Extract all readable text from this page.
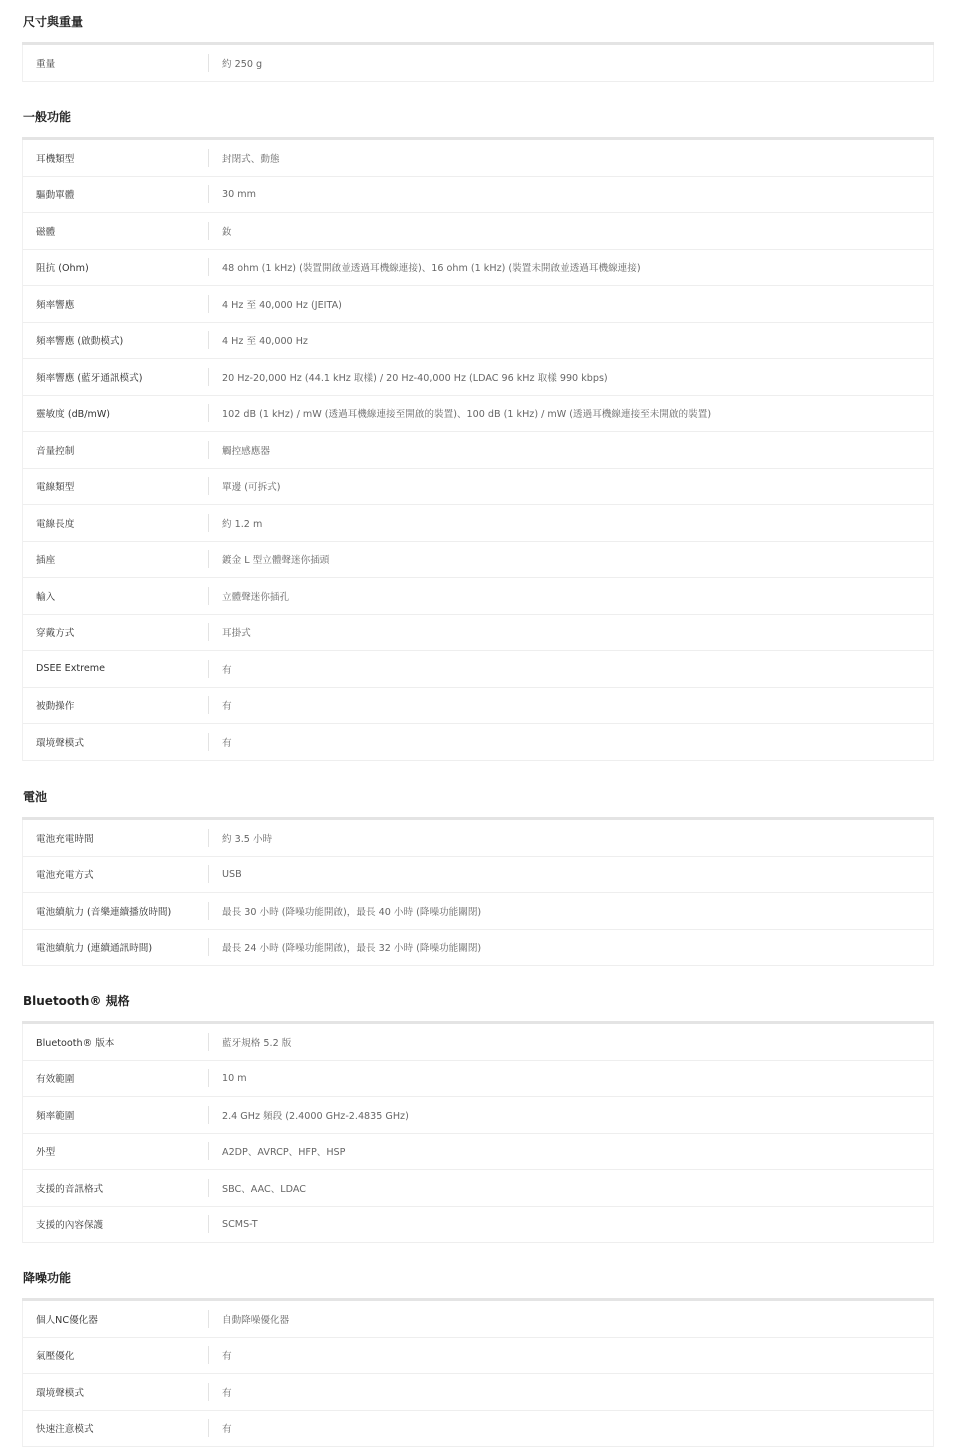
尺寸與重量
重量	約 250 g
一般功能
耳機類型	封閉式、動態
驅動單體	30 mm
磁體	釹
阻抗 (Ohm)	48 ohm (1 kHz) (裝置開啟並透過耳機線連接)、16 ohm (1 kHz) (裝置未開啟並透過耳機線連接)
頻率響應	4 Hz 至 40,000 Hz (JEITA)
頻率響應 (啟動模式)	4 Hz 至 40,000 Hz
頻率響應 (藍牙通訊模式)	20 Hz-20,000 Hz (44.1 kHz 取樣) / 20 Hz-40,000 Hz (LDAC 96 kHz 取樣 990 kbps)
靈敏度 (dB/mW)	102 dB (1 kHz) / mW (透過耳機線連接至開啟的裝置)、100 dB (1 kHz) / mW (透過耳機線連接至未開啟的裝置)
音量控制	觸控感應器
電線類型	單邊 (可拆式)
電線長度	約 1.2 m
插座	鍍金 L 型立體聲迷你插頭
輸入	立體聲迷你插孔
穿戴方式	耳掛式
DSEE Extreme	有
被動操作	有
環境聲模式	有
電池
電池充電時間	約 3.5 小時
電池充電方式	USB
電池續航力 (音樂連續播放時間)	最長 30 小時 (降噪功能開啟)，最長 40 小時 (降噪功能關閉)
電池續航力 (連續通訊時間)	最長 24 小時 (降噪功能開啟)，最長 32 小時 (降噪功能關閉)
Bluetooth® 規格
Bluetooth® 版本	藍牙規格 5.2 版
有效範圍	10 m
頻率範圍	2.4 GHz 頻段 (2.4000 GHz-2.4835 GHz)
外型	A2DP、AVRCP、HFP、HSP
支援的音訊格式	SBC、AAC、LDAC
支援的內容保護	SCMS-T
降噪功能
個人NC優化器	自動降噪優化器
氣壓優化	有
環境聲模式	有
快速注意模式	有
